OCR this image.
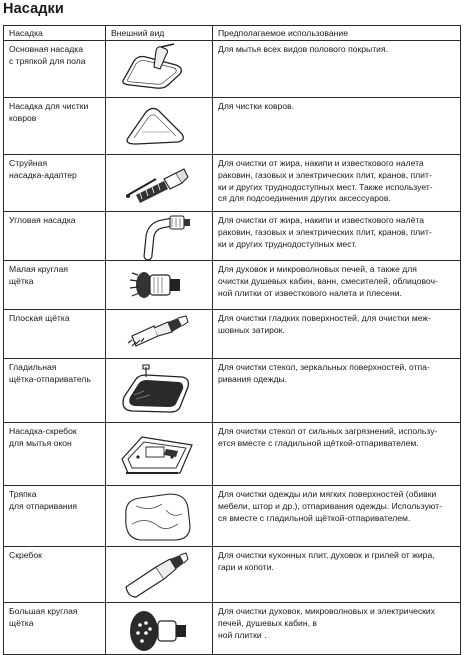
Насадки
Насадка	Внешний вид	Предполагаемое использование

Основная насадка
с тряпкой для пола		Для мытья всех видов полового покрытия.

Насадка для чистки
ковров		Для чистки ковров.

Струйная
насадка-адаптер		Для очистки от жира, накипи и известкового налета
раковин, газовых и электрических плит, кранов, плит-
ки и других труднодоступных мест. Также использует-
ся для подсоединения других аксессуаров.

Угловая насадка		Для очистки от жира, накипи и известкового налёта
раковин, газовых и электрических плит, кранов, плит-
ки и других труднодоступных мест.

Малая круглая
щётка		Для духовок и микроволновых печей, а также для
очистки душевых кабин, ванн, смесителей, облицовоч-
ной плитки от известкового налета и плесени.

Плоская щётка		Для очистки гладких поверхностей, для очистки меж-
шовных затирок.

Гладильная
щётка-отпариватель		Для очистки стекол, зеркальных поверхностей, отпа-
ривания одежды.

Насадка-скребок
для мытья окон		Для очистки стекол от сильных загрязнений, использу-
ется вместе с гладильной щёткой-отпаривателем.

Тряпка
для отпаривания		Для очистки одежды или мягких поверхностей (обивки
мебели, штор и др.), отпаривания одежды. Используют-
ся вместе с гладильной щёткой-отпаривателем.

Скребок		Для очистки кухонных плит, духовок и грилей от жира,
гари и копоти.

Большая круглая
щётка		Для очистки духовок, микроволновых и электрических
печей, душевых кабин, в
ной плитки .
